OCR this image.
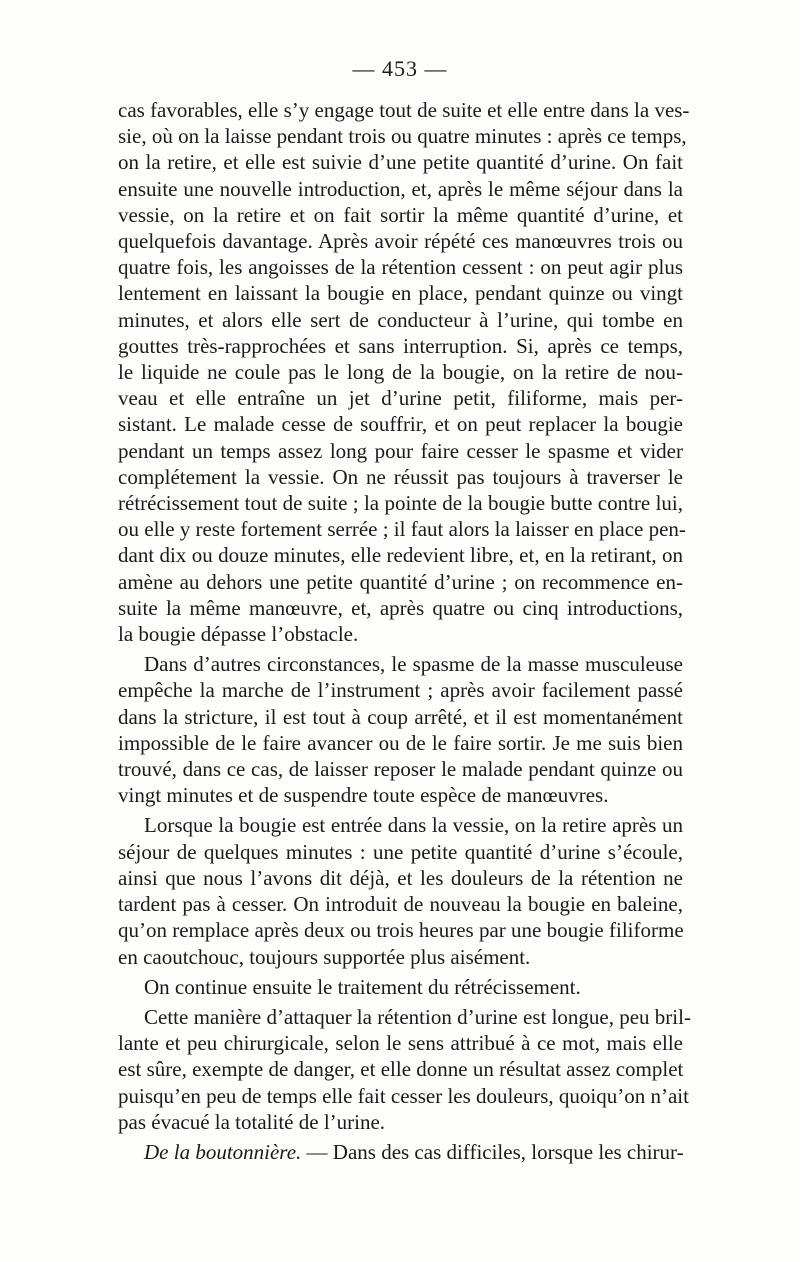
— 453 —
cas favorables, elle s’y engage tout de suite et elle entre dans la ves-
sie, où on la laisse pendant trois ou quatre minutes : après ce temps,
on la retire, et elle est suivie d’une petite quantité d’urine. On fait
ensuite une nouvelle introduction, et, après le même séjour dans la
vessie, on la retire et on fait sortir la même quantité d’urine, et
quelquefois davantage. Après avoir répété ces manœuvres trois ou
quatre fois, les angoisses de la rétention cessent : on peut agir plus
lentement en laissant la bougie en place, pendant quinze ou vingt
minutes, et alors elle sert de conducteur à l’urine, qui tombe en
gouttes très-rapprochées et sans interruption. Si, après ce temps,
le liquide ne coule pas le long de la bougie, on la retire de nou-
veau et elle entraîne un jet d’urine petit, filiforme, mais per-
sistant. Le malade cesse de souffrir, et on peut replacer la bougie
pendant un temps assez long pour faire cesser le spasme et vider
complétement la vessie. On ne réussit pas toujours à traverser le
rétrécissement tout de suite ; la pointe de la bougie butte contre lui,
ou elle y reste fortement serrée ; il faut alors la laisser en place pen-
dant dix ou douze minutes, elle redevient libre, et, en la retirant, on
amène au dehors une petite quantité d’urine ; on recommence en-
suite la même manœuvre, et, après quatre ou cinq introductions,
la bougie dépasse l’obstacle.
Dans d’autres circonstances, le spasme de la masse musculeuse
empêche la marche de l’instrument ; après avoir facilement passé
dans la stricture, il est tout à coup arrêté, et il est momentanément
impossible de le faire avancer ou de le faire sortir. Je me suis bien
trouvé, dans ce cas, de laisser reposer le malade pendant quinze ou
vingt minutes et de suspendre toute espèce de manœuvres.
Lorsque la bougie est entrée dans la vessie, on la retire après un
séjour de quelques minutes : une petite quantité d’urine s’écoule,
ainsi que nous l’avons dit déjà, et les douleurs de la rétention ne
tardent pas à cesser. On introduit de nouveau la bougie en baleine,
qu’on remplace après deux ou trois heures par une bougie filiforme
en caoutchouc, toujours supportée plus aisément.
On continue ensuite le traitement du rétrécissement.
Cette manière d’attaquer la rétention d’urine est longue, peu bril-
lante et peu chirurgicale, selon le sens attribué à ce mot, mais elle
est sûre, exempte de danger, et elle donne un résultat assez complet
puisqu’en peu de temps elle fait cesser les douleurs, quoiqu’on n’ait
pas évacué la totalité de l’urine.
De la boutonnière. — Dans des cas difficiles, lorsque les chirur-
